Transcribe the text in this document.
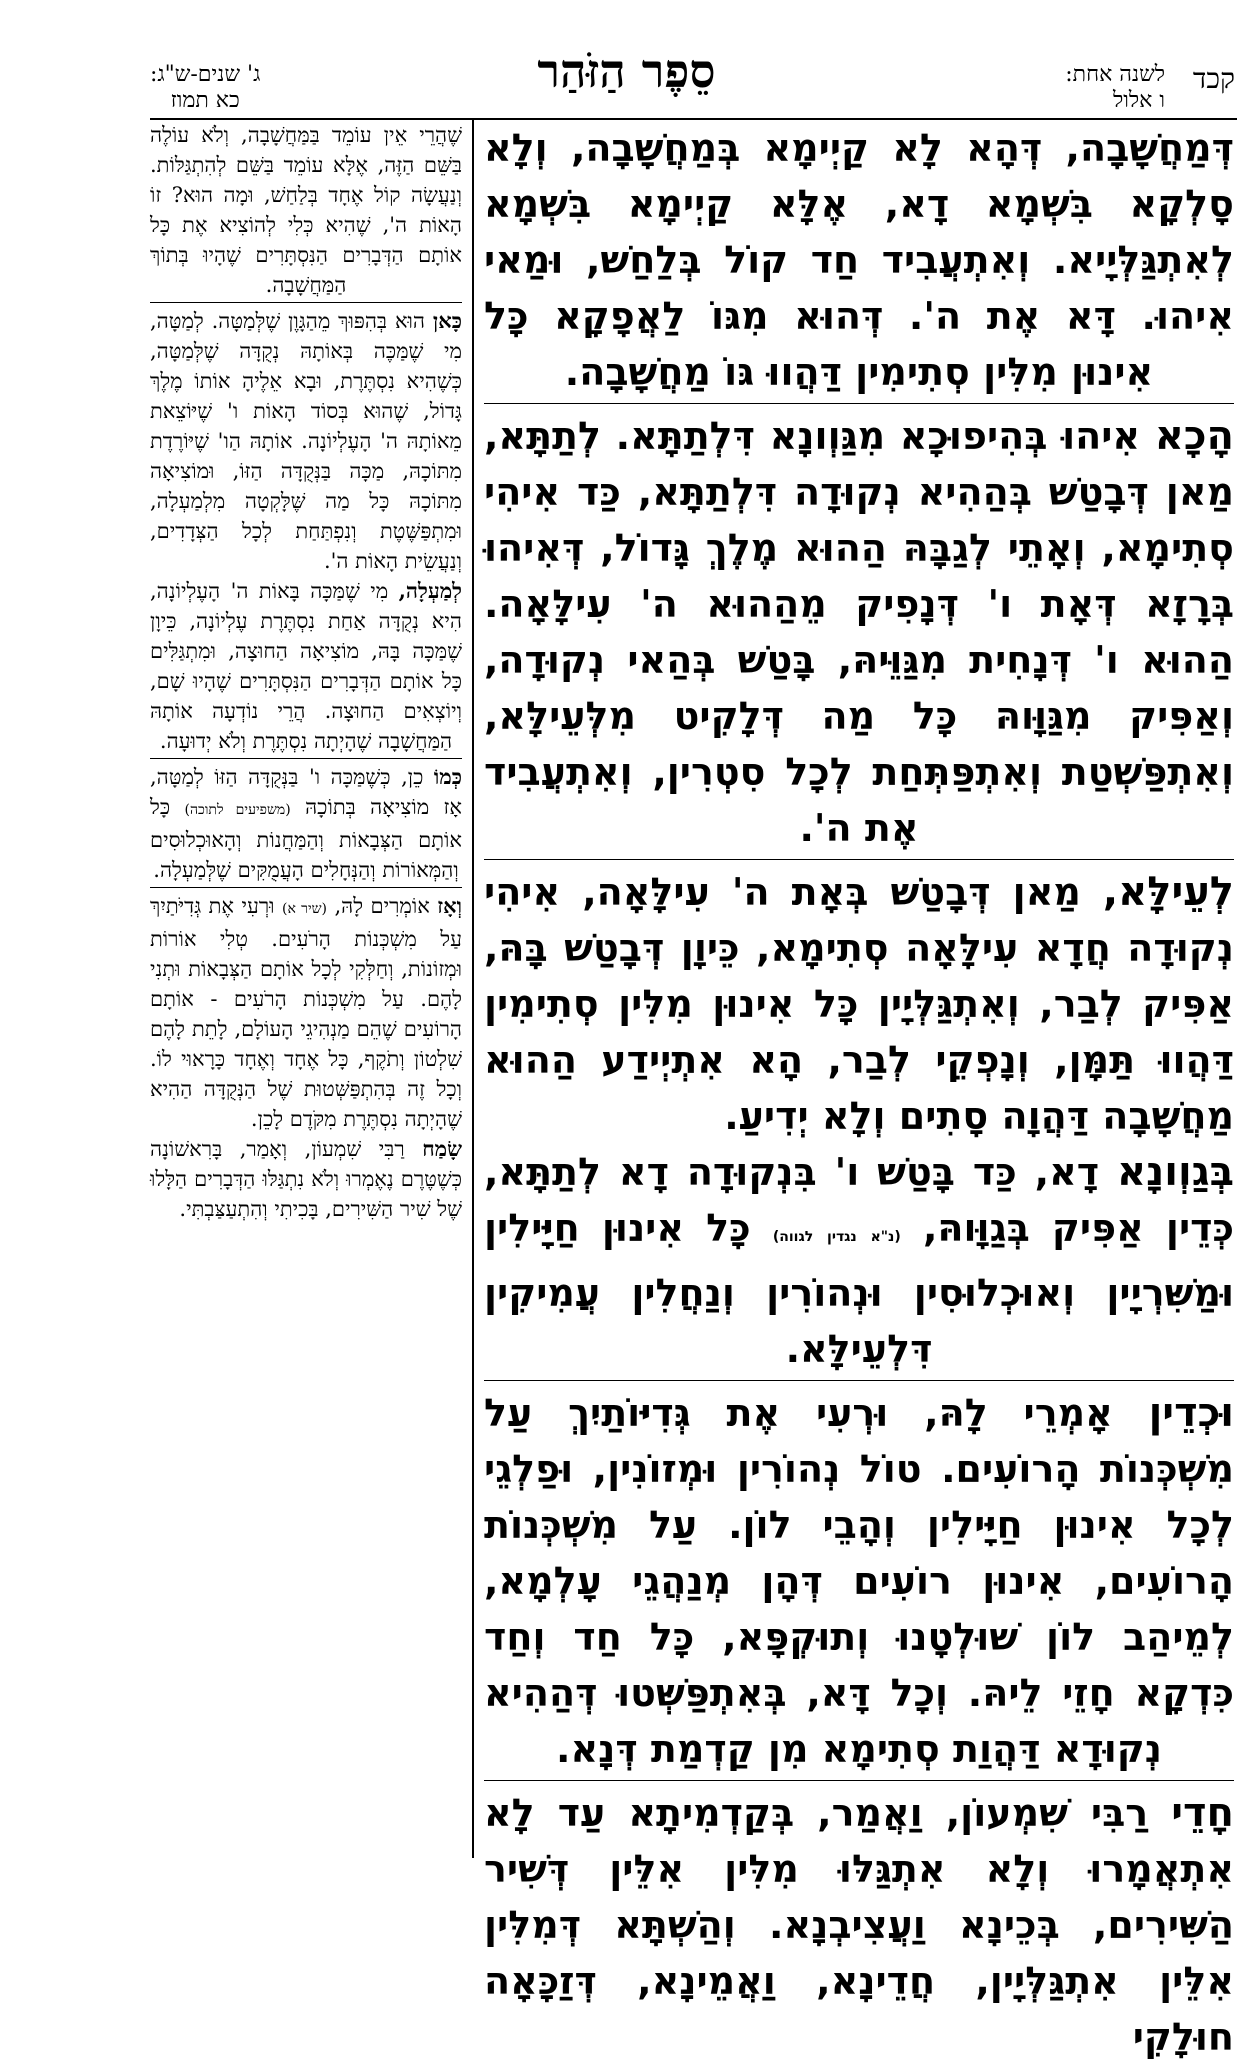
קכד
לשנה אחת:
ו אלול
סֵפֶר הַזֹּהַר
ג' שנים-ש"ג:
כא תמוז

דְּמַחֲשָׁבָה, דְּהָא לָא קַיְימָא בְּמַחֲשָׁבָה, וְלָא סָלְקָא בִּשְׁמָא דָא, אֶלָּא קַיְימָא בִּשְׁמָא לְאִתְגַּלְּיָיא. וְאִתְעֲבִיד חַד קוֹל בְּלַחַשׁ, וּמַאי אִיהוּ. דָּא אֶת ה'. דְּהוּא מִגּוֹ לַאֲפָקָא כָּל אִינוּן מִלִּין סְתִימִין דַּהֲווּ גּוֹ מַחֲשָׁבָה.

הָכָא אִיהוּ בְּהִיפוּכָא מִגַּוְונָא דִּלְתַתָּא. לְתַתָּא, מַאן דְּבָטַשׁ בְּהַהִיא נְקוּדָה דִּלְתַתָּא, כַּד אִיהִי סְתִימָא, וְאָתֵי לְגַבָּהּ הַהוּא מֶלֶךְ גָּדוֹל, דְּאִיהוּ בְּרָזָא דְּאָת ו' דְּנָפִיק מֵהַהוּא ה' עִילָּאָה. הַהוּא ו' דְּנָחִית מִגַּוֵּיהּ, בָּטַשׁ בְּהַאי נְקוּדָה, וְאַפִּיק מִגַּוָּוהּ כָּל מַה דְּלָקִיט מִלְּעֵילָּא, וְאִתְפַּשְׁטַת וְאִתְפַּתְּחַת לְכָל סִטְרִין, וְאִתְעֲבִיד אֶת ה'.

לְעֵילָּא, מַאן דְּבָטַשׁ בְּאָת ה' עִילָּאָה, אִיהִי נְקוּדָה חֲדָא עִילָּאָה סְתִימָא, כֵּיוָן דְּבָטַשׁ בָּהּ, אַפִּיק לְבַר, וְאִתְגַּלְּיָין כָּל אִינוּן מִלִּין סְתִימִין דַּהֲווּ תַּמָּן, וְנָפְקֵי לְבַר, הָא אִתְיְידַע הַהוּא מַחֲשָׁבָה דַּהֲוָה סָתִים וְלָא יְדִיעַ.

בְּגַוְונָא דָא, כַּד בָּטַשׁ ו' בִּנְקוּדָה דָא לְתַתָּא, כְּדֵין אַפִּיק בְּגַוָּוהּ, (נ"א נגדין לגווה) כָּל אִינוּן חַיָּילִין וּמַשִּׁרְיָין וְאוּכְלוּסִין וּנְהוֹרִין וְנַחֲלִין עֲמִיקִין דִּלְעֵילָּא.

וּכְדֵין אָמְרֵי לָהּ, וּרְעִי אֶת גְּדִיּוֹתַיִךְ עַל מִשְׁכְּנוֹת הָרוֹעִים. טוֹל נְהוֹרִין וּמְזוֹנִין, וּפַלְגֵי לְכָל אִינוּן חַיָּילִין וְהָבֵי לוֹן. עַל מִשְׁכְּנוֹת הָרוֹעִים, אִינוּן רוֹעִים דְּהָן מְנַהֲגֵי עָלְמָא, לְמֵיהַב לוֹן שׁוּלְטָנוּ וְתוּקְפָּא, כָּל חַד וְחַד כִּדְקָא חָזֵי לֵיהּ. וְכָל דָּא, בְּאִתְפַּשְּׁטוּ דְּהַהִיא נְקוּדָא דַּהֲוַת סְתִימָא מִן קַדְמַת דְּנָא.

חָדֵי רַבִּי שִׁמְעוֹן, וַאֲמַר, בְּקַדְמִיתָא עַד לָא אִתְאֲמָרוּ וְלָא אִתְגַּלּוּ מִלִּין אִלֵּין דְּשִׁיר הַשִּׁירִים, בְּכֵינָא וַעֲצִיבְנָא. וְהַשְׁתָּא דְּמִלִּין אִלֵּין אִתְגַּלְּיָין, חֲדֵינָא, וַאֲמֵינָא, דְּזַכָּאָה חוּלָקִי

שֶׁהֲרֵי אֵין עוֹמֵד בַּמַּחֲשָׁבָה, וְלֹא עוֹלֶה בַּשֵּׁם הַזֶּה, אֶלָּא עוֹמֵד בַּשֵּׁם לְהִתְגַּלּוֹת. וְנַעֲשָׂה קוֹל אֶחָד בְּלַחַשׁ, וּמָה הוּא? זוֹ הָאוֹת ה', שֶׁהִיא כְּלִי לְהוֹצִיא אֶת כָּל אוֹתָם הַדְּבָרִים הַנִּסְתָּרִים שֶׁהָיוּ בְּתוֹךְ הַמַּחֲשָׁבָה.

כָּאן הוּא בְּהִפּוּךְ מֵהַגָּוֶן שֶׁלְּמַטָּה. לְמַטָּה, מִי שֶׁמַּכֶּה בְּאוֹתָהּ נְקֻדָּה שֶׁלְּמַטָּה, כְּשֶׁהִיא נִסְתֶּרֶת, וּבָא אֵלֶיהָ אוֹתוֹ מֶלֶךְ גָּדוֹל, שֶׁהוּא בְּסוֹד הָאוֹת ו' שֶׁיּוֹצֵאת מֵאוֹתָהּ ה' הָעֶלְיוֹנָה. אוֹתָהּ הַו' שֶׁיּוֹרֶדֶת מִתּוֹכָהּ, מַכָּה בַּנְּקֻדָּה הַזּוֹ, וּמוֹצִיאָה מִתּוֹכָהּ כָּל מַה שֶּׁלָּקְטָה מִלְמַעְלָה, וּמִתְפַּשֶּׁטֶת וְנִפְתַּחַת לְכָל הַצְּדָדִים, וְנַעֲשֵׂית הָאוֹת ה'.

לְמַעְלָה, מִי שֶׁמַּכָּה בָּאוֹת ה' הָעֶלְיוֹנָה, הִיא נְקֻדָּה אַחַת נִסְתֶּרֶת עֶלְיוֹנָה, כֵּיוָן שֶׁמַּכָּה בָּהּ, מוֹצִיאָה הַחוּצָה, וּמִתְגַּלִּים כָּל אוֹתָם הַדְּבָרִים הַנִּסְתָּרִים שֶׁהָיוּ שָׁם, וְיוֹצְאִים הַחוּצָה. הֲרֵי נוֹדְעָה אוֹתָהּ הַמַּחֲשָׁבָה שֶׁהָיְתָה נִסְתֶּרֶת וְלֹא יְדוּעָה.

כְּמוֹ כֵן, כְּשֶׁמַּכָּה ו' בַּנְּקֻדָּה הַזּוֹ לְמַטָּה, אָז מוֹצִיאָה בְּתוֹכָהּ (משפיעים לתוכה) כָּל אוֹתָם הַצְּבָאוֹת וְהַמַּחֲנוֹת וְהָאוּכְלוּסִים וְהַמְּאוֹרוֹת וְהַנְּחָלִים הָעֲמֻקִּים שֶׁלְּמַעְלָה.

וְאָז אוֹמְרִים לָהּ, (שיר א) וּרְעִי אֶת גְּדִיֹּתַיִךְ עַל מִשְׁכְּנוֹת הָרֹעִים. טְלִי אוֹרוֹת וּמְזוֹנוֹת, וְחַלְּקִי לְכָל אוֹתָם הַצְּבָאוֹת וּתְנִי לָהֶם. עַל מִשְׁכְּנוֹת הָרֹעִים - אוֹתָם הָרוֹעִים שֶׁהֵם מַנְהִיגֵי הָעוֹלָם, לָתֵת לָהֶם שִׁלְטוֹן וְתֹקֶף, כָּל אֶחָד וְאֶחָד כָּרָאוּי לוֹ. וְכָל זֶה בְּהִתְפַּשְּׁטוּת שֶׁל הַנְּקֻדָּה הַהִיא שֶׁהָיְתָה נִסְתֶּרֶת מִקֹּדֶם לָכֵן.

שָׂמַח רַבִּי שִׁמְעוֹן, וְאָמַר, בָּרִאשׁוֹנָה כְּשֶׁטֶּרֶם נֶאֶמְרוּ וְלֹא נִתְגַּלּוּ הַדְּבָרִים הַלָּלוּ שֶׁל שִׁיר הַשִּׁירִים, בָּכִיתִי וְהִתְעַצַּבְתִּי.
